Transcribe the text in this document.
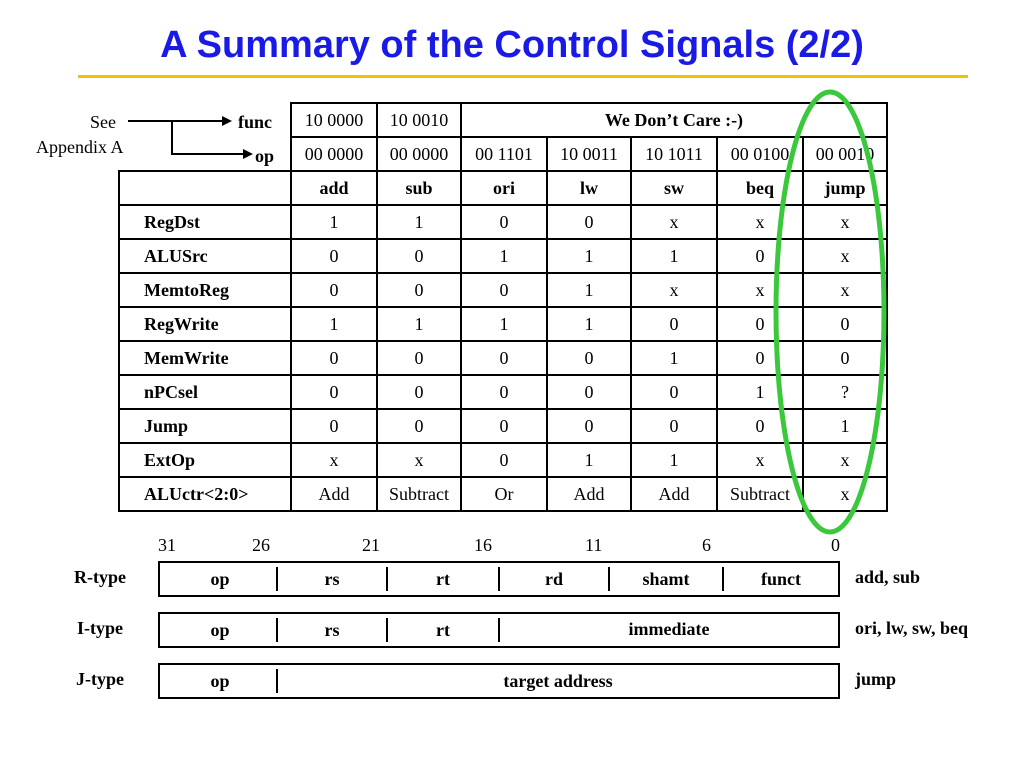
A Summary of the Control Signals (2/2)
See
Appendix A
func
op
10 0000	10 0010	We Don’t Care :-)
00 0000	00 0000	00 1101	10 0011	10 1011	00 0100	00 0010
add	sub	ori	lw	sw	beq	jump
RegDst	1	1	0	0	x	x	x
ALUSrc	0	0	1	1	1	0	x
MemtoReg	0	0	0	1	x	x	x
RegWrite	1	1	1	1	0	0	0
MemWrite	0	0	0	0	1	0	0
nPCsel	0	0	0	0	0	1	?
Jump	0	0	0	0	0	0	1
ExtOp	x	x	0	1	1	x	x
ALUctr<2:0>	Add	Subtract	Or	Add	Add	Subtract	x
31	26	21	16	11	6	0
R-type	op	rs	rt	rd	shamt	funct	add, sub
I-type	op	rs	rt	immediate	ori, lw, sw, beq
J-type	op	target address	jump
